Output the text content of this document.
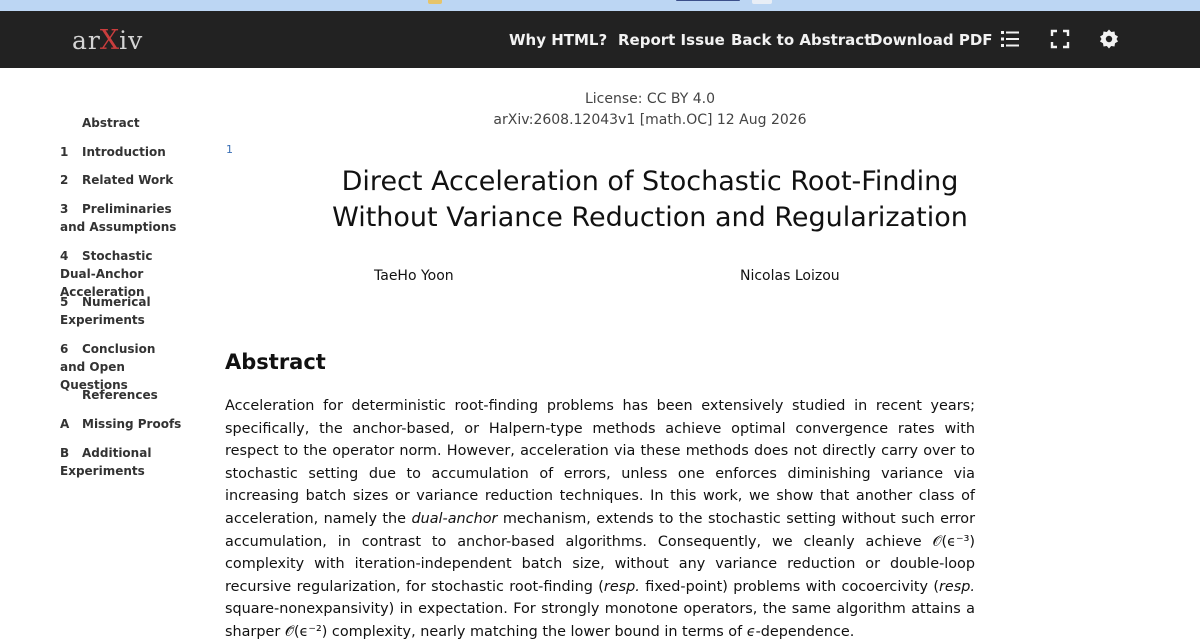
ar X iv	Why HTML? Report Issue Back to Abstract
Download PDF
Abstract
1 Introduction
2 Related Work
3 Preliminaries and Assumptions
4 Stochastic Dual-Anchor Acceleration
5 Numerical Experiments
6 Conclusion and Open Questions
References
A Missing Proofs
B Additional Experiments
License: CC BY 4.0
arXiv:2608.12043v1 [math.OC] 12 Aug 2026
1
Direct Acceleration of Stochastic Root-Finding
Without Variance Reduction and Regularization
TaeHo Yoon	Nicolas Loizou
Abstract
Acceleration for deterministic root-finding problems has been extensively studied in recent years; specifically, the anchor-based, or Halpern-type methods achieve optimal convergence rates with respect to the operator norm. However, acceleration via these methods does not directly carry over to stochastic setting due to accumulation of errors, unless one enforces diminishing variance via increasing batch sizes or variance reduction techniques. In this work, we show that another class of acceleration, namely the dual-anchor mechanism, extends to the stochastic setting without such error accumulation, in contrast to anchor-based algorithms. Consequently, we cleanly achieve 𝒪(ϵ⁻³) complexity with iteration-independent batch size, without any variance reduction or double-loop recursive regularization, for stochastic root-finding (resp. fixed-point) problems with cocoercivity (resp. square-nonexpansivity) in expectation. For strongly monotone operators, the same algorithm attains a sharper 𝒪̃(ϵ⁻²) complexity, nearly matching the lower bound in terms of ϵ-dependence.
